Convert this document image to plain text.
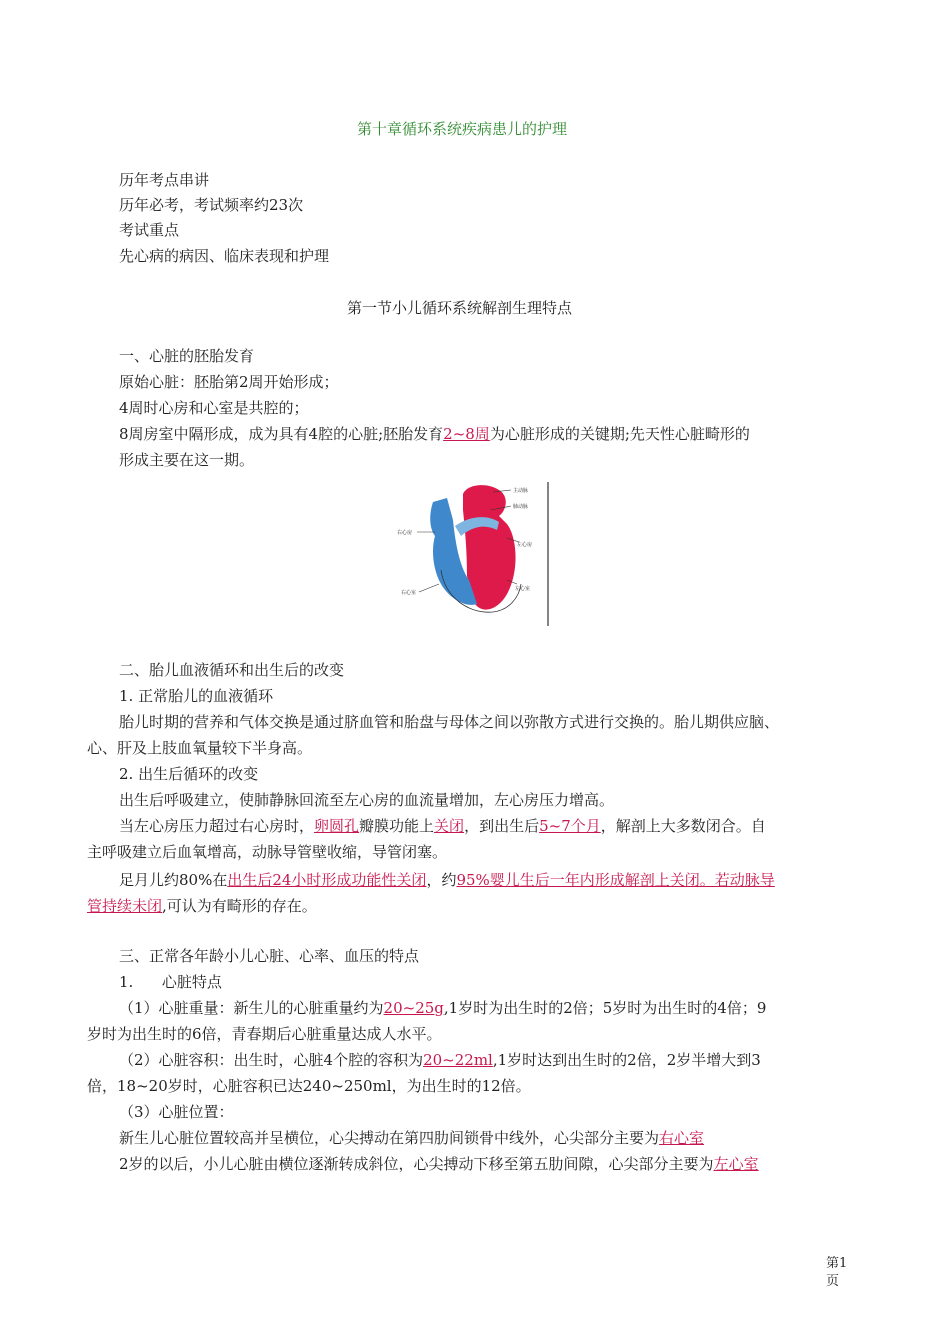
第十章循环系统疾病患儿的护理
历年考点串讲
历年必考，考试频率约23次
考试重点
先心病的病因、临床表现和护理
第一节小儿循环系统解剖生理特点
一、心脏的胚胎发育
原始心脏：胚胎第2周开始形成；
4周时心房和心室是共腔的；
8周房室中隔形成，成为具有4腔的心脏;胚胎发育2~8周为心脏形成的关键期;先天性心脏畸形的
形成主要在这一期。
主动脉
肺动脉
左心房
左心室
右心房
右心室
二、胎儿血液循环和出生后的改变
1. 正常胎儿的血液循环
胎儿时期的营养和气体交换是通过脐血管和胎盘与母体之间以弥散方式进行交换的。胎儿期供应脑、
心、肝及上肢血氧量较下半身高。
2. 出生后循环的改变
出生后呼吸建立，使肺静脉回流至左心房的血流量增加，左心房压力增高。
当左心房压力超过右心房时，卵圆孔瓣膜功能上关闭，到出生后5~7个月，解剖上大多数闭合。自
主呼吸建立后血氧增高，动脉导管壁收缩，导管闭塞。
足月儿约80%在出生后24小时形成功能性关闭，约95%婴儿生后一年内形成解剖上关闭。若动脉导
管持续未闭,可认为有畸形的存在。
三、正常各年龄小儿心脏、心率、血压的特点
1.      心脏特点
（1）心脏重量：新生儿的心脏重量约为20~25g,1岁时为出生时的2倍；5岁时为出生时的4倍；9
岁时为出生时的6倍，青春期后心脏重量达成人水平。
（2）心脏容积：出生时，心脏4个腔的容积为20~22ml,1岁时达到出生时的2倍，2岁半增大到3
倍，18~20岁时，心脏容积已达240~250ml，为出生时的12倍。
（3）心脏位置：
新生儿心脏位置较高并呈横位，心尖搏动在第四肋间锁骨中线外，心尖部分主要为右心室
2岁的以后，小儿心脏由横位逐渐转成斜位，心尖搏动下移至第五肋间隙，心尖部分主要为左心室
第1
页
